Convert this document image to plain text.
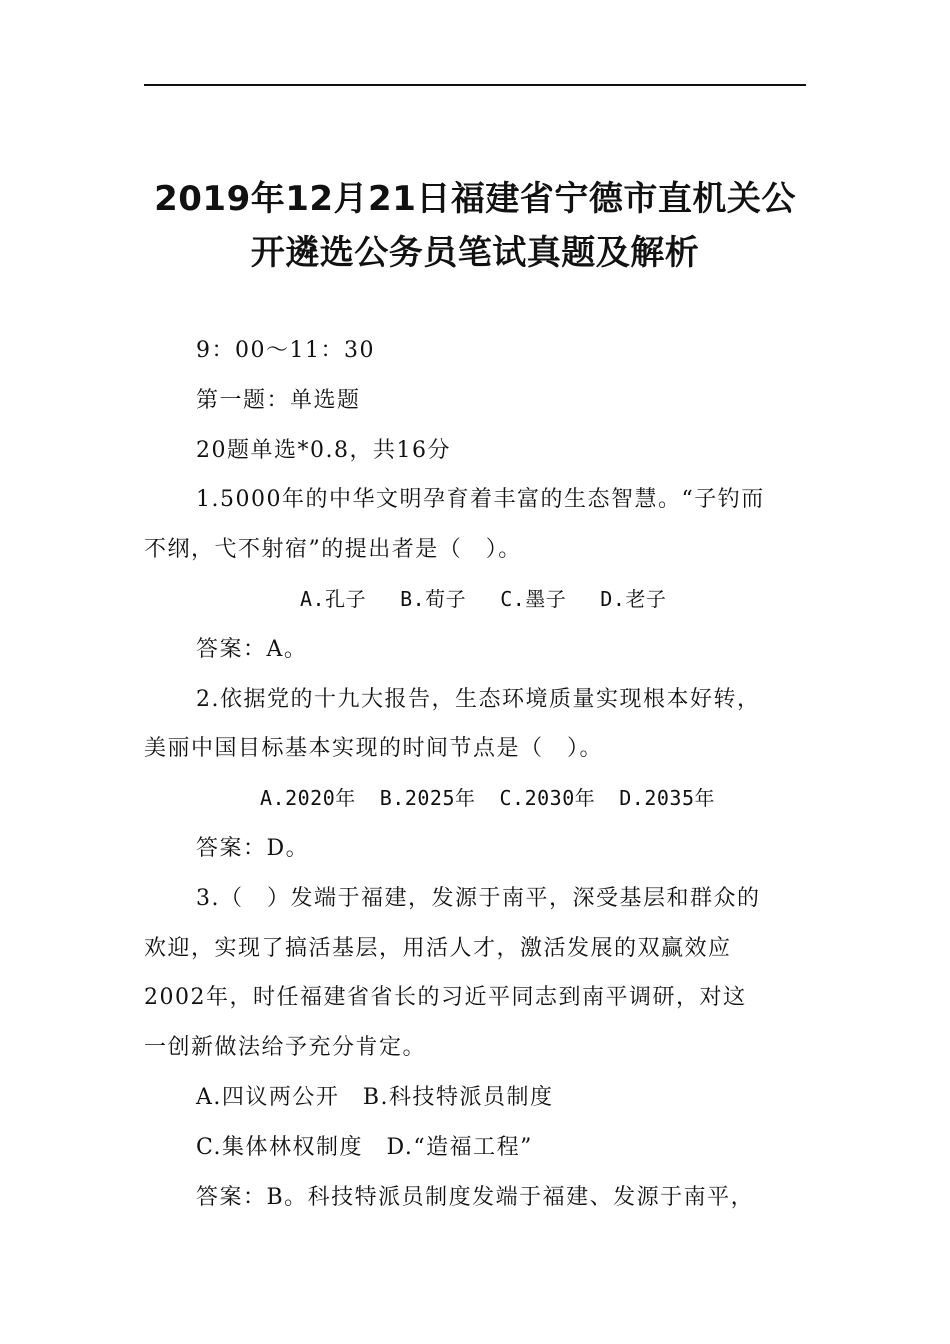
2019年12月21日福建省宁德市直机关公
开遴选公务员笔试真题及解析
9：00～11：30
第一题：单选题
20题单选*0.8，共16分
1.5000年的中华文明孕育着丰富的生态智慧。“子钓而
不纲，弋不射宿”的提出者是（　）。
A.孔子 B.荀子 C.墨子 D.老子
答案：A。
2.依据党的十九大报告，生态环境质量实现根本好转，
美丽中国目标基本实现的时间节点是（　）。
A.2020年 B.2025年 C.2030年 D.2035年
答案：D。
3.（　）发端于福建，发源于南平，深受基层和群众的
欢迎，实现了搞活基层，用活人才，激活发展的双赢效应
2002年，时任福建省省长的习近平同志到南平调研，对这
一创新做法给予充分肯定。
A.四议两公开　B.科技特派员制度
C.集体林权制度　D.“造福工程”
答案：B。科技特派员制度发端于福建、发源于南平，
